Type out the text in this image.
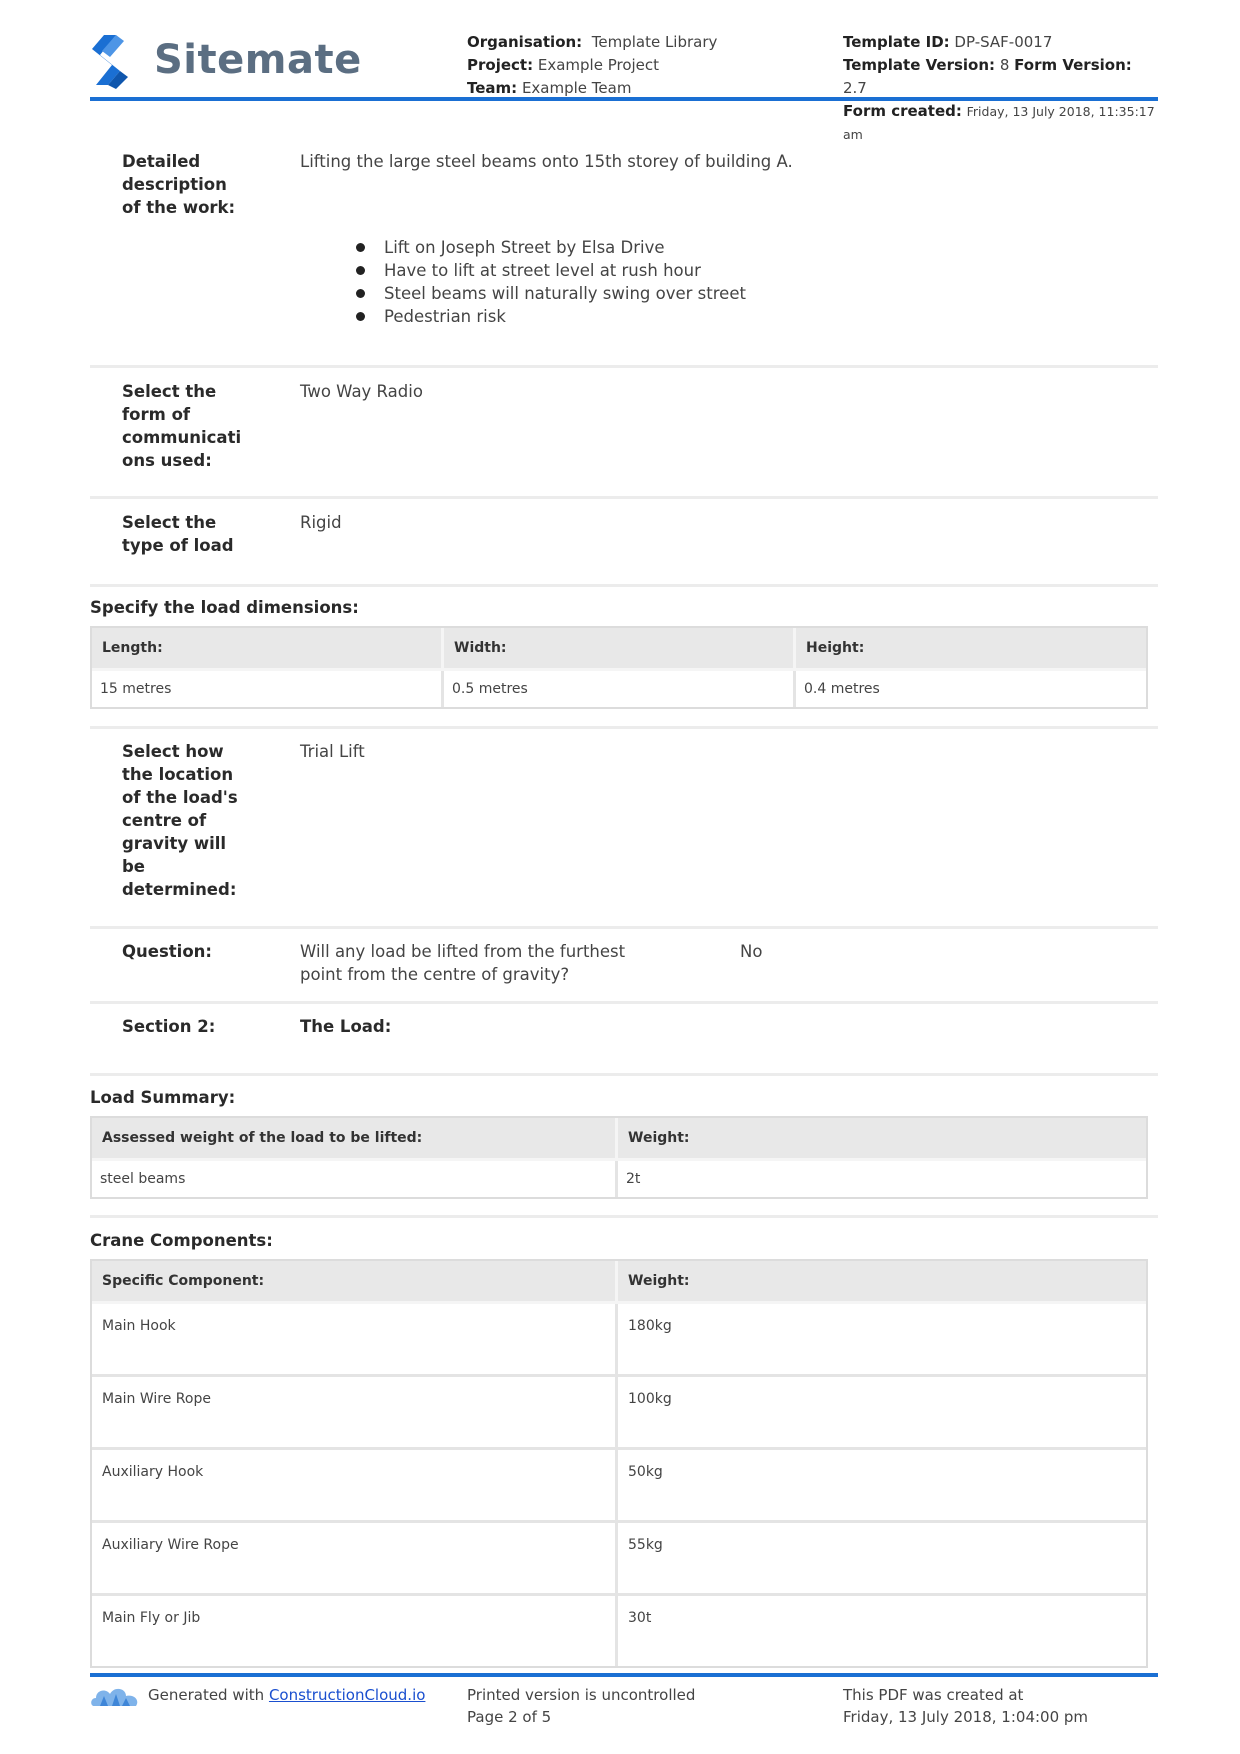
Sitemate	Organisation: Template Library
Project: Example Project
Team: Example Team
Template ID: DP-SAF-0017
Template Version: 8 Form Version: 2.7
Form created: Friday, 13 July 2018, 11:35:17 am
Detailed description of the work:
Lifting the large steel beams onto 15th storey of building A.
Lift on Joseph Street by Elsa Drive
Have to lift at street level at rush hour
Steel beams will naturally swing over street
Pedestrian risk
Select the form of communicati ons used:
Two Way Radio
Select the type of load
Rigid
Specify the load dimensions:
Length:	Width:	Height:
15 metres	0.5 metres	0.4 metres
Select how the location of the load's centre of gravity will be determined:
Trial Lift
Question:	Will any load be lifted from the furthest point from the centre of gravity?
No
Section 2:	The Load:
Load Summary:
Assessed weight of the load to be lifted:	Weight:
steel beams	2t
Crane Components:
Specific Component:	Weight:
Main Hook	180kg
Main Wire Rope	100kg
Auxiliary Hook	50kg
Auxiliary Wire Rope	55kg
Main Fly or Jib	30t
Generated with
ConstructionCloud.io	Printed version is uncontrolled
Page 2 of 5
This PDF was created at
Friday, 13 July 2018, 1:04:00 pm
